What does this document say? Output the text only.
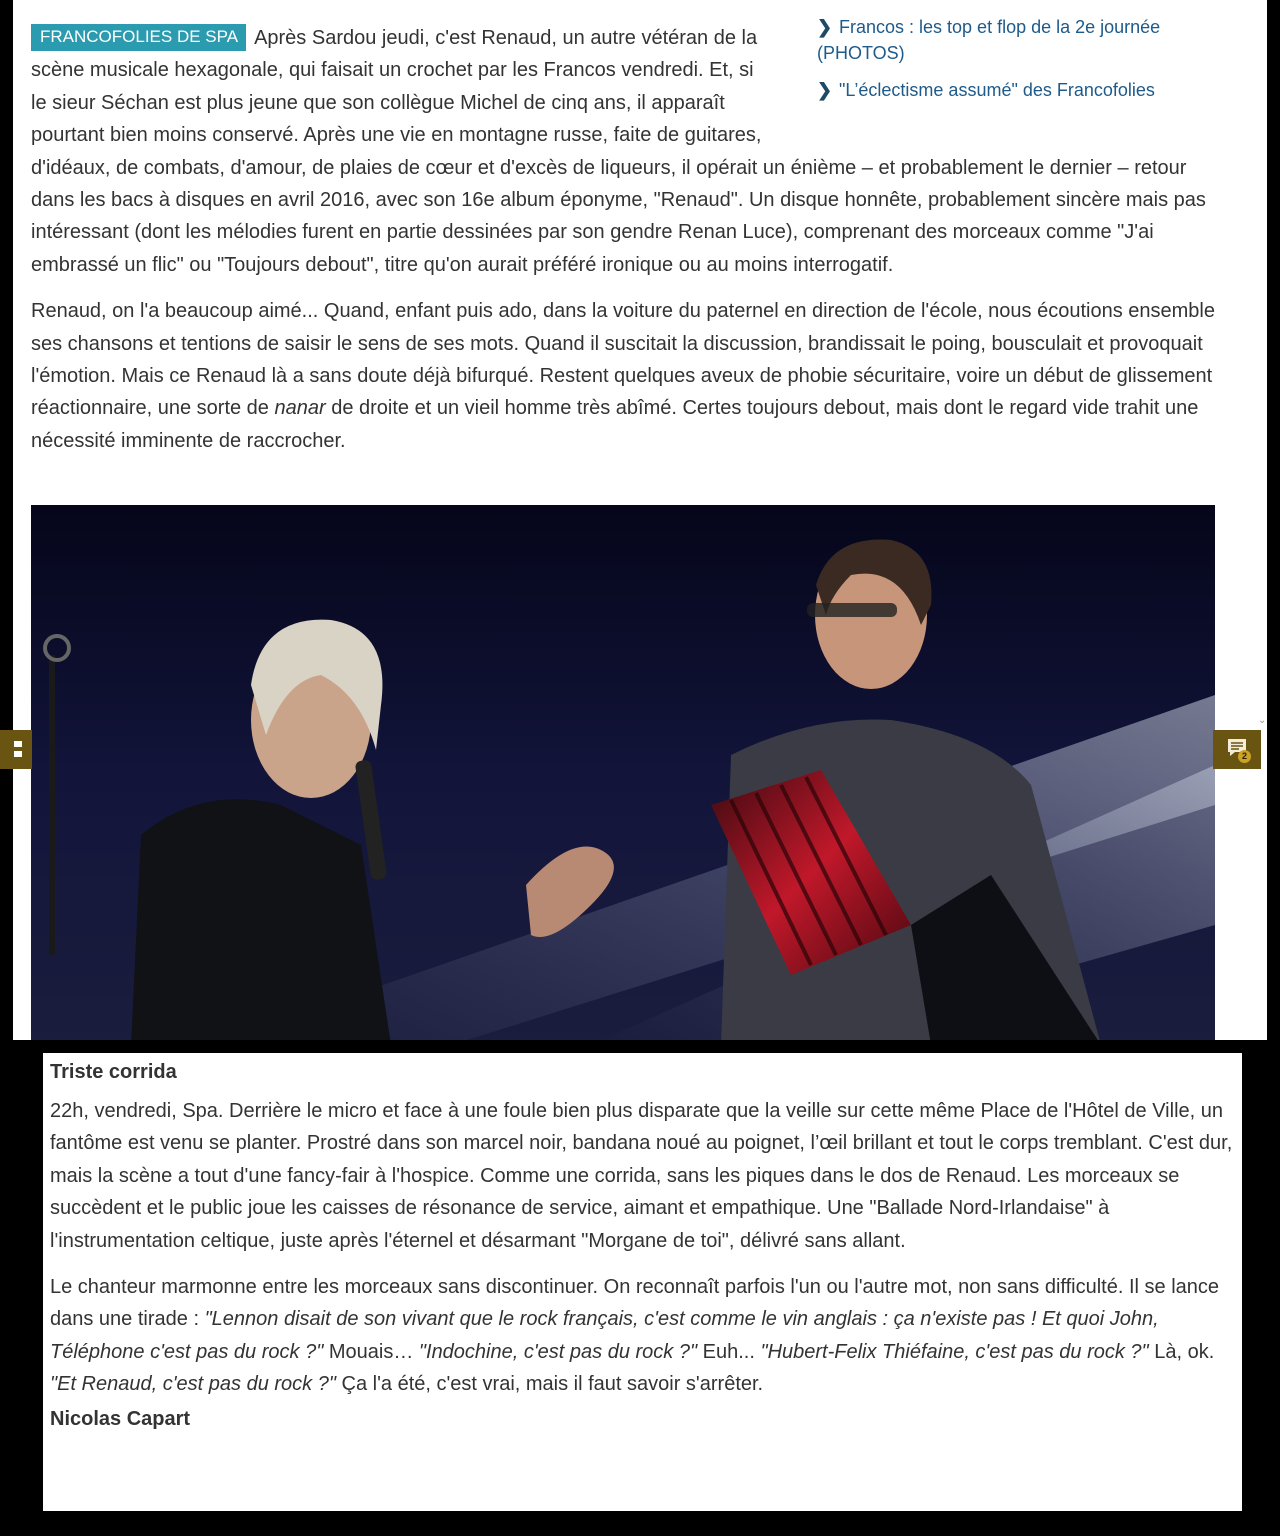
❯ Francos : les top et flop de la 2e journée (PHOTOS)
❯ "L’éclectisme assumé" des Francofolies

FRANCOFOLIES DE SPA Après Sardou jeudi, c'est Renaud, un autre vétéran de la scène musicale hexagonale, qui faisait un crochet par les Francos vendredi. Et, si le sieur Séchan est plus jeune que son collègue Michel de cinq ans, il apparaît pourtant bien moins conservé. Après une vie en montagne russe, faite de guitares, d'idéaux, de combats, d'amour, de plaies de cœur et d'excès de liqueurs, il opérait un énième – et probablement le dernier – retour dans les bacs à disques en avril 2016, avec son 16e album éponyme, "Renaud". Un disque honnête, probablement sincère mais pas intéressant (dont les mélodies furent en partie dessinées par son gendre Renan Luce), comprenant des morceaux comme "J'ai embrassé un flic" ou "Toujours debout", titre qu'on aurait préféré ironique ou au moins interrogatif.

Renaud, on l'a beaucoup aimé... Quand, enfant puis ado, dans la voiture du paternel en direction de l'école, nous écoutions ensemble ses chansons et tentions de saisir le sens de ses mots. Quand il suscitait la discussion, brandissait le poing, bousculait et provoquait l'émotion. Mais ce Renaud là a sans doute déjà bifurqué. Restent quelques aveux de phobie sécuritaire, voire un début de glissement réactionnaire, une sorte de nanar de droite et un vieil homme très abîmé. Certes toujours debout, mais dont le regard vide trahit une nécessité imminente de raccrocher.

⌄
2
Triste corrida

22h, vendredi, Spa. Derrière le micro et face à une foule bien plus disparate que la veille sur cette même Place de l'Hôtel de Ville, un fantôme est venu se planter. Prostré dans son marcel noir, bandana noué au poignet, l’œil brillant et tout le corps tremblant. C'est dur, mais la scène a tout d'une fancy-fair à l'hospice. Comme une corrida, sans les piques dans le dos de Renaud. Les morceaux se succèdent et le public joue les caisses de résonance de service, aimant et empathique. Une "Ballade Nord-Irlandaise" à l'instrumentation celtique, juste après l'éternel et désarmant "Morgane de toi", délivré sans allant.

Le chanteur marmonne entre les morceaux sans discontinuer. On reconnaît parfois l'un ou l'autre mot, non sans difficulté. Il se lance dans une tirade : "Lennon disait de son vivant que le rock français, c'est comme le vin anglais : ça n'existe pas ! Et quoi John, Téléphone c'est pas du rock ?" Mouais… "Indochine, c'est pas du rock ?" Euh... "Hubert-Felix Thiéfaine, c'est pas du rock ?" Là, ok. "Et Renaud, c'est pas du rock ?" Ça l'a été, c'est vrai, mais il faut savoir s'arrêter.

Nicolas Capart
